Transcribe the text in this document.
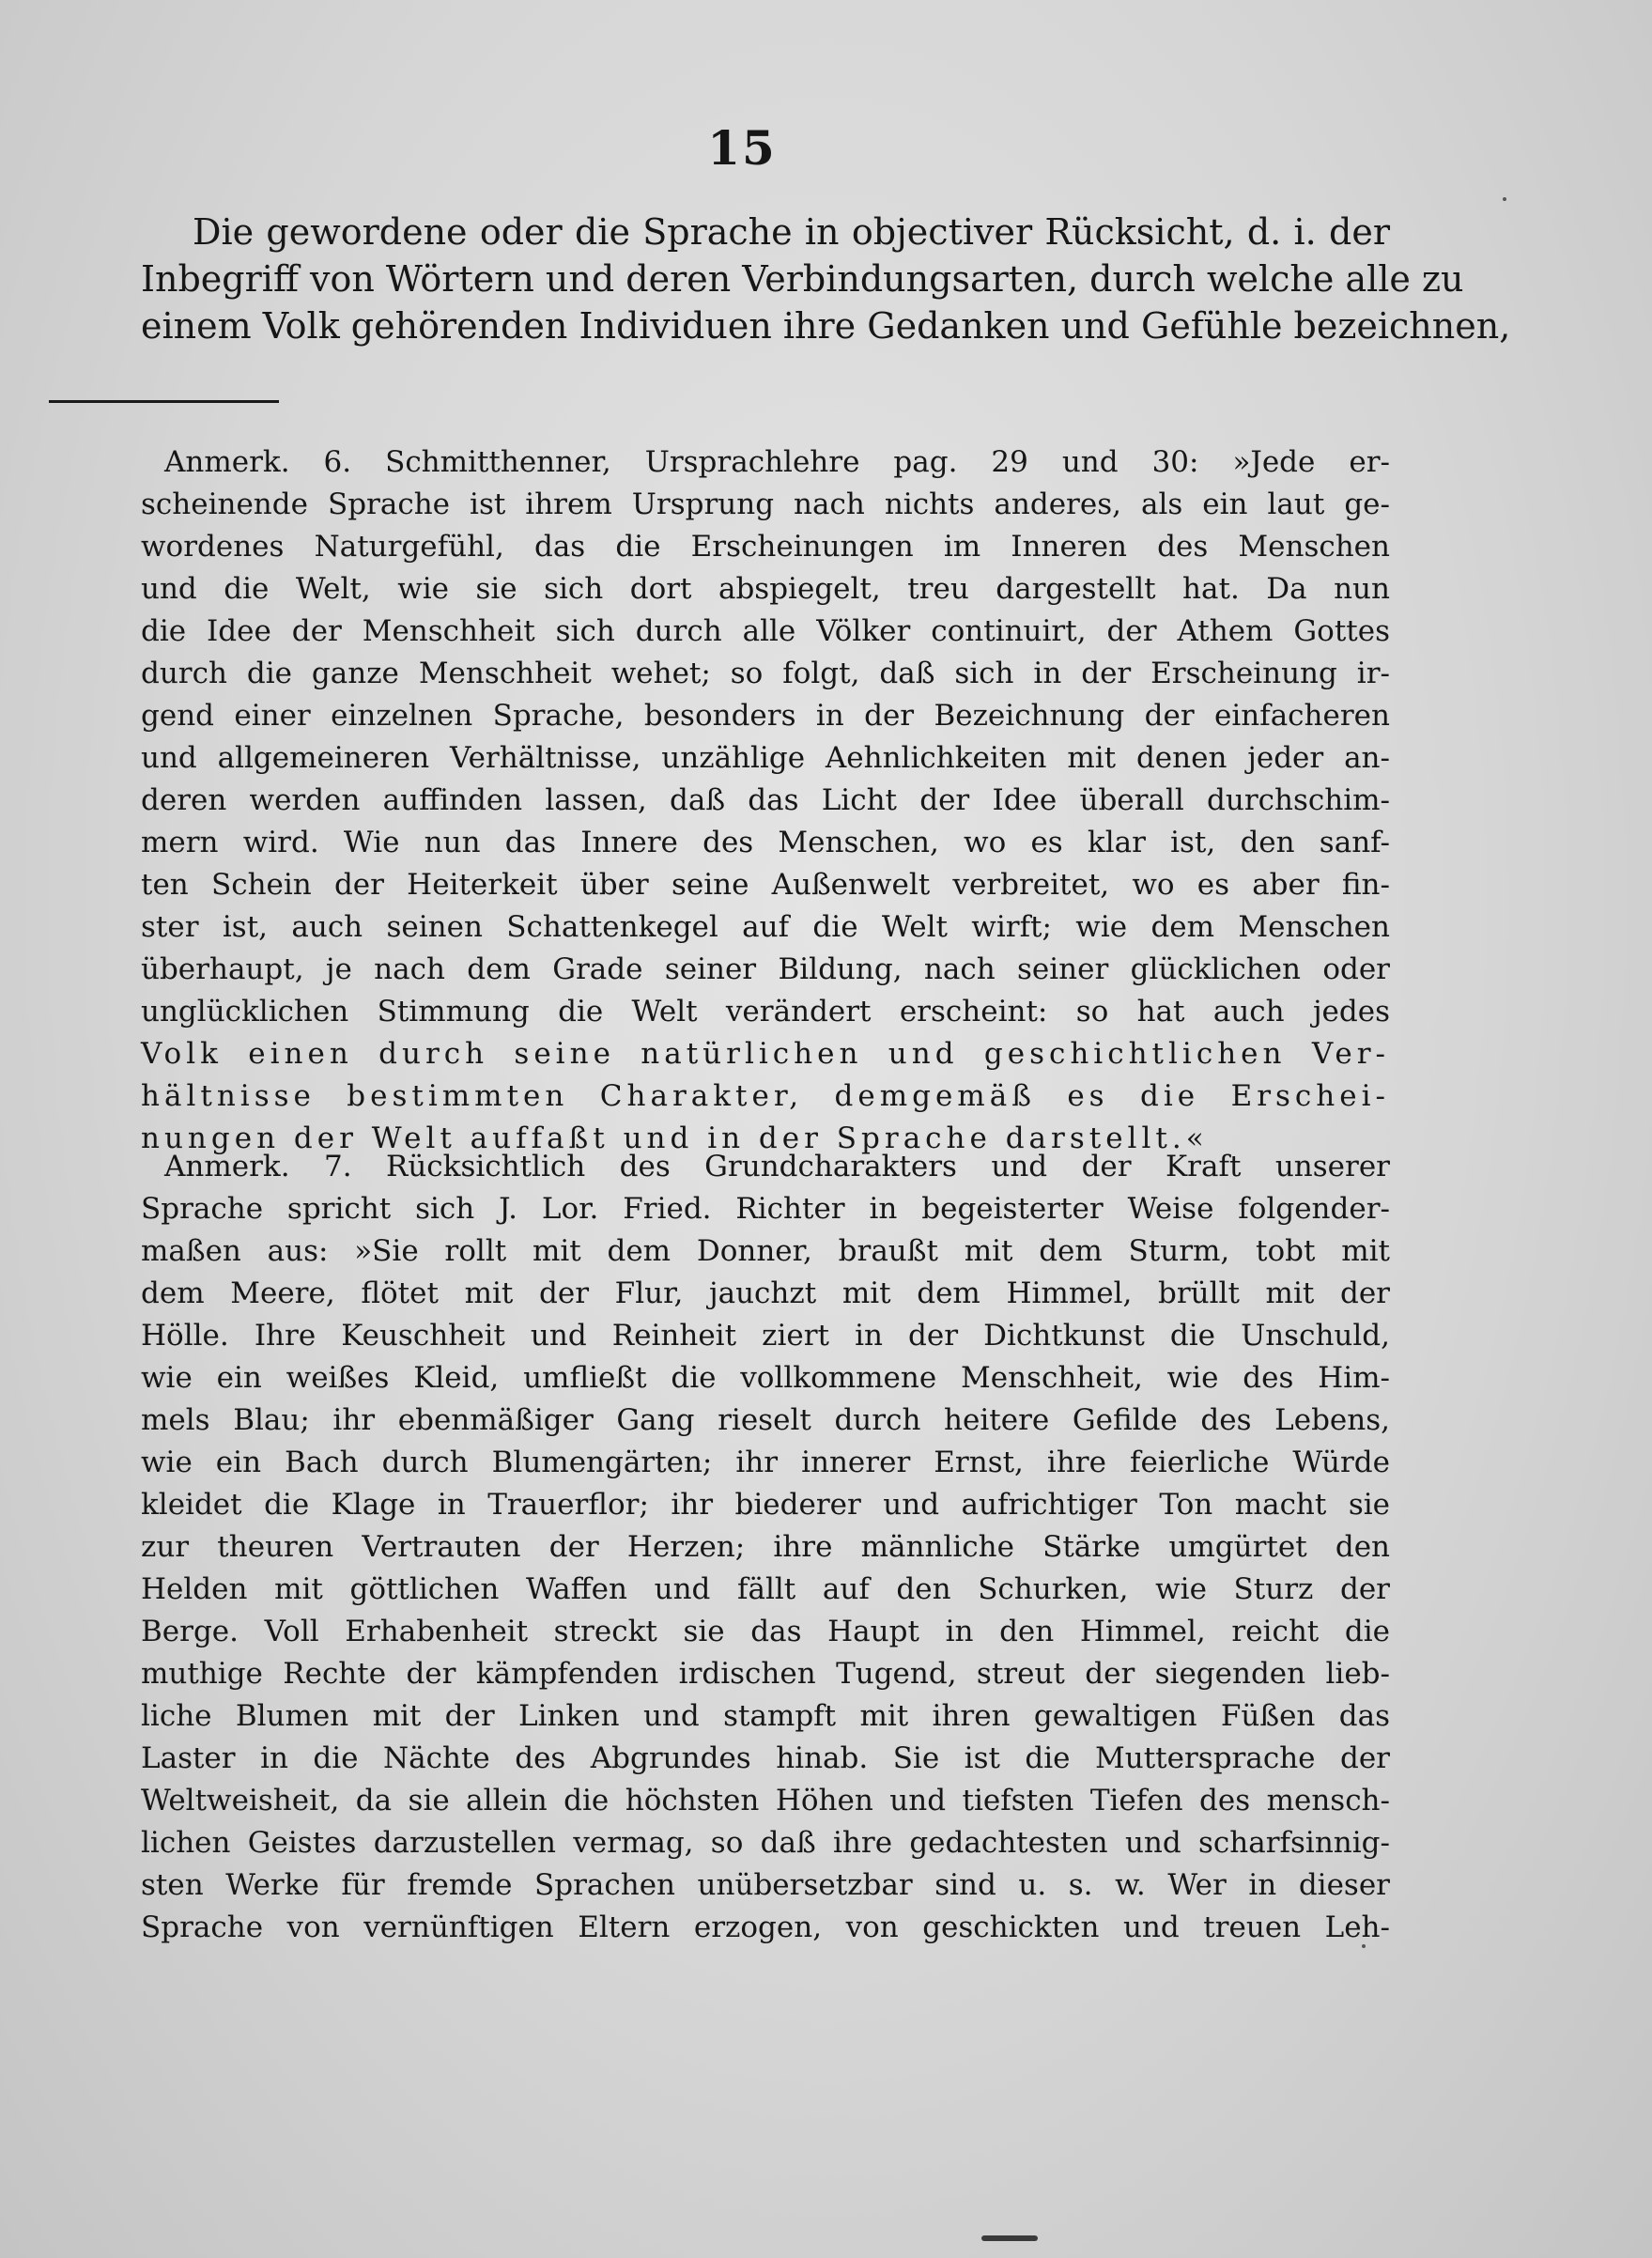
15
Die gewordene oder die Sprache in objectiver Rücksicht, d. i. der
Inbegriff von Wörtern und deren Verbindungsarten, durch welche alle zu
einem Volk gehörenden Individuen ihre Gedanken und Gefühle bezeichnen,
Anmerk. 6. Schmitthenner, Ursprachlehre pag. 29 und 30: »Jede er-
scheinende Sprache ist ihrem Ursprung nach nichts anderes, als ein laut ge-
wordenes Naturgefühl, das die Erscheinungen im Inneren des Menschen
und die Welt, wie sie sich dort abspiegelt, treu dargestellt hat. Da nun
die Idee der Menschheit sich durch alle Völker continuirt, der Athem Gottes
durch die ganze Menschheit wehet; so folgt, daß sich in der Erscheinung ir-
gend einer einzelnen Sprache, besonders in der Bezeichnung der einfacheren
und allgemeineren Verhältnisse, unzählige Aehnlichkeiten mit denen jeder an-
deren werden auffinden lassen, daß das Licht der Idee überall durchschim-
mern wird. Wie nun das Innere des Menschen, wo es klar ist, den sanf-
ten Schein der Heiterkeit über seine Außenwelt verbreitet, wo es aber fin-
ster ist, auch seinen Schattenkegel auf die Welt wirft; wie dem Menschen
überhaupt, je nach dem Grade seiner Bildung, nach seiner glücklichen oder
unglücklichen Stimmung die Welt verändert erscheint: so hat auch jedes
Volk einen durch seine natürlichen und geschichtlichen Ver-
hältnisse bestimmten Charakter, demgemäß es die Erschei-
nungen der Welt auffaßt und in der Sprache darstellt.«
Anmerk. 7. Rücksichtlich des Grundcharakters und der Kraft unserer
Sprache spricht sich J. Lor. Fried. Richter in begeisterter Weise folgender-
maßen aus: »Sie rollt mit dem Donner, braußt mit dem Sturm, tobt mit
dem Meere, flötet mit der Flur, jauchzt mit dem Himmel, brüllt mit der
Hölle. Ihre Keuschheit und Reinheit ziert in der Dichtkunst die Unschuld,
wie ein weißes Kleid, umfließt die vollkommene Menschheit, wie des Him-
mels Blau; ihr ebenmäßiger Gang rieselt durch heitere Gefilde des Lebens,
wie ein Bach durch Blumengärten; ihr innerer Ernst, ihre feierliche Würde
kleidet die Klage in Trauerflor; ihr biederer und aufrichtiger Ton macht sie
zur theuren Vertrauten der Herzen; ihre männliche Stärke umgürtet den
Helden mit göttlichen Waffen und fällt auf den Schurken, wie Sturz der
Berge. Voll Erhabenheit streckt sie das Haupt in den Himmel, reicht die
muthige Rechte der kämpfenden irdischen Tugend, streut der siegenden lieb-
liche Blumen mit der Linken und stampft mit ihren gewaltigen Füßen das
Laster in die Nächte des Abgrundes hinab. Sie ist die Muttersprache der
Weltweisheit, da sie allein die höchsten Höhen und tiefsten Tiefen des mensch-
lichen Geistes darzustellen vermag, so daß ihre gedachtesten und scharfsinnig-
sten Werke für fremde Sprachen unübersetzbar sind u. s. w. Wer in dieser
Sprache von vernünftigen Eltern erzogen, von geschickten und treuen Leh-
